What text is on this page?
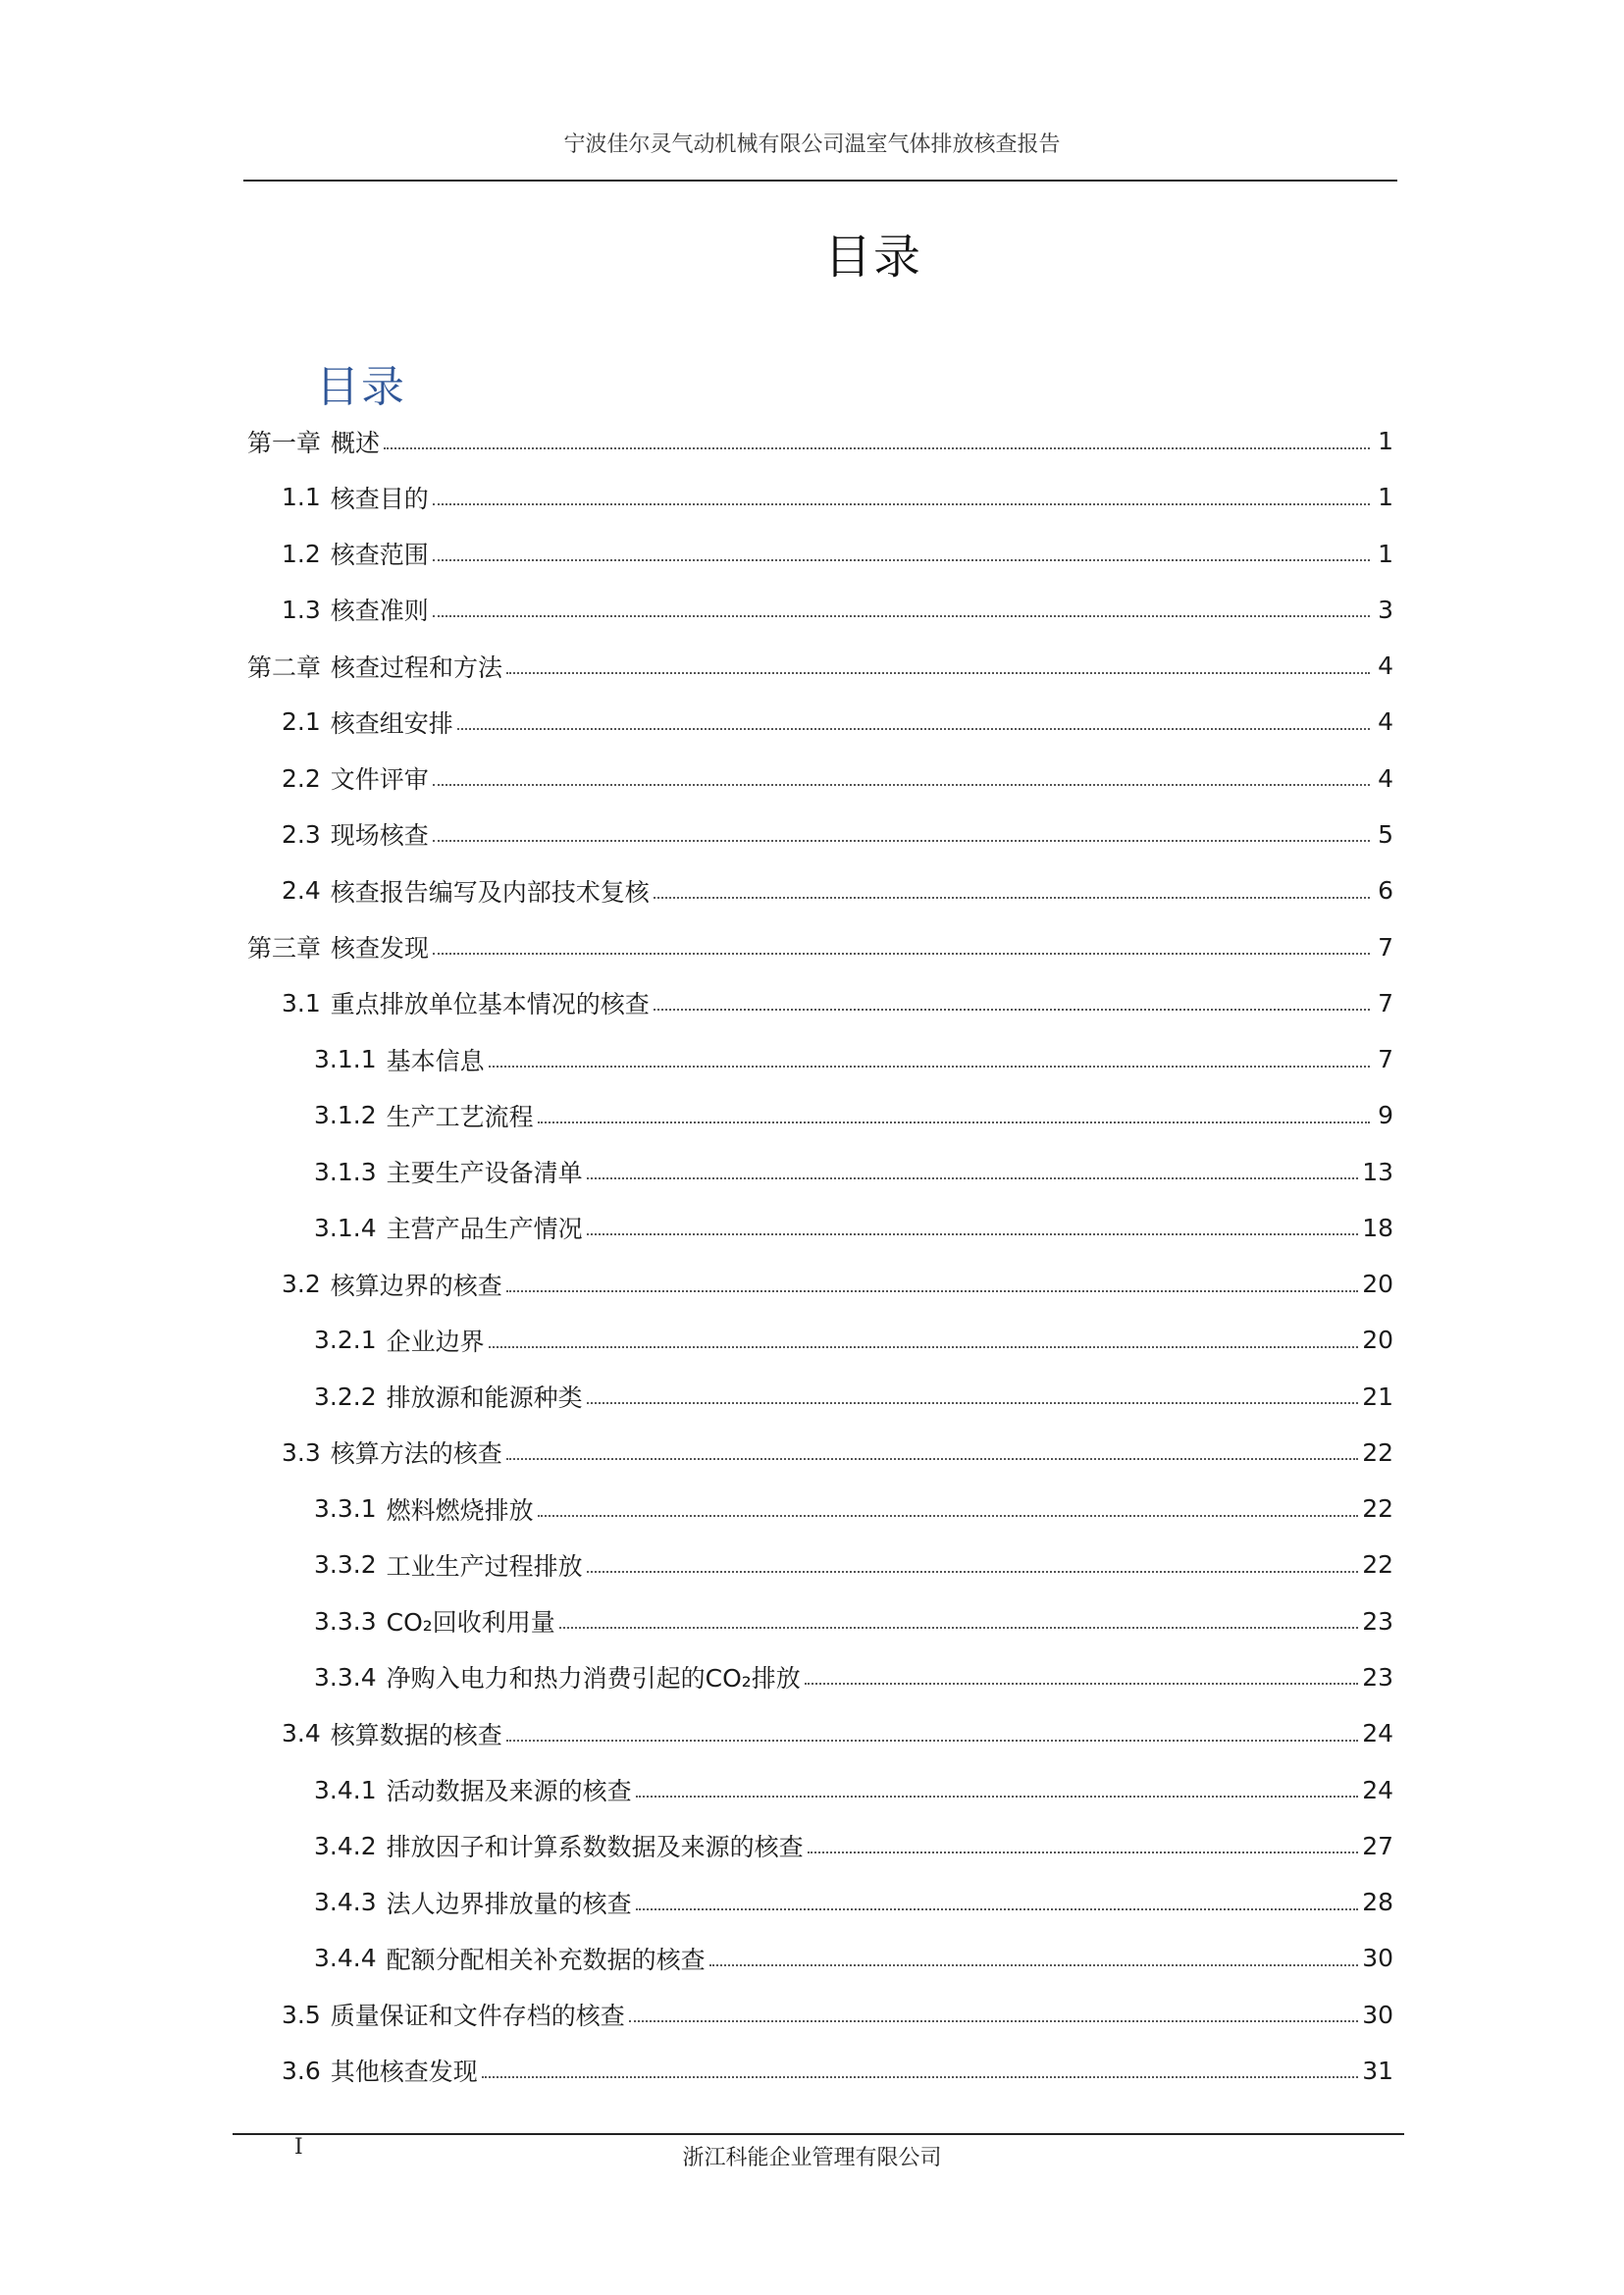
宁波佳尔灵气动机械有限公司温室气体排放核查报告
目录
目录
第一章 概述	1
1.1 核查目的	1
1.2 核查范围	1
1.3 核查准则	3
第二章 核查过程和方法	4
2.1 核查组安排	4
2.2 文件评审	4
2.3 现场核查	5
2.4 核查报告编写及内部技术复核	6
第三章 核查发现	7
3.1 重点排放单位基本情况的核查	7
3.1.1 基本信息	7
3.1.2 生产工艺流程	9
3.1.3 主要生产设备清单	13
3.1.4 主营产品生产情况	18
3.2 核算边界的核查	20
3.2.1 企业边界	20
3.2.2 排放源和能源种类	21
3.3 核算方法的核查	22
3.3.1 燃料燃烧排放	22
3.3.2 工业生产过程排放	22
3.3.3 CO₂回收利用量	23
3.3.4 净购入电力和热力消费引起的CO₂排放	23
3.4 核算数据的核查	24
3.4.1 活动数据及来源的核查	24
3.4.2 排放因子和计算系数数据及来源的核查	27
3.4.3 法人边界排放量的核查	28
3.4.4 配额分配相关补充数据的核查	30
3.5 质量保证和文件存档的核查	30
3.6 其他核查发现	31
I	浙江科能企业管理有限公司
